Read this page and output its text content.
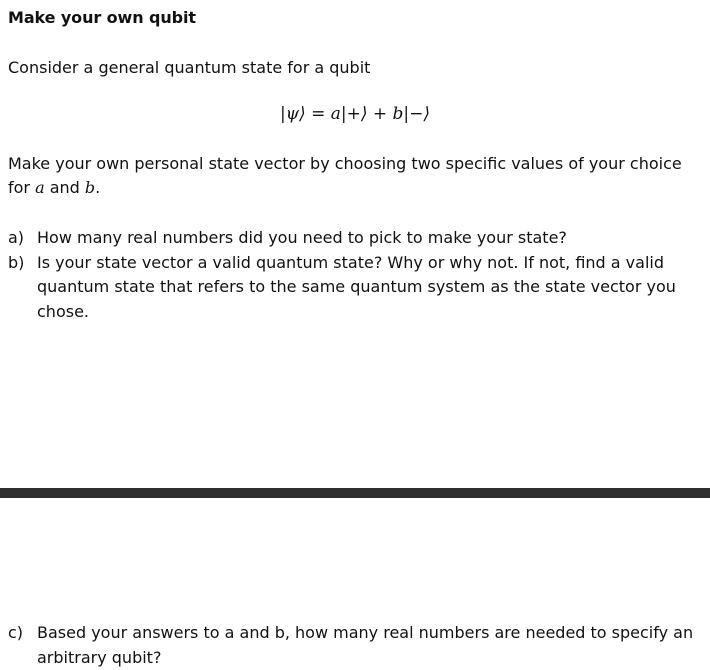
Make your own qubit
Consider a general quantum state for a qubit
|ψ⟩ = a|+⟩ + b|−⟩
Make your own personal state vector by choosing two specific values of your choice for a and b.
a) How many real numbers did you need to pick to make your state?
b) Is your state vector a valid quantum state? Why or why not. If not, find a valid quantum state that refers to the same quantum system as the state vector you chose.
c) Based your answers to a and b, how many real numbers are needed to specify an arbitrary qubit?
